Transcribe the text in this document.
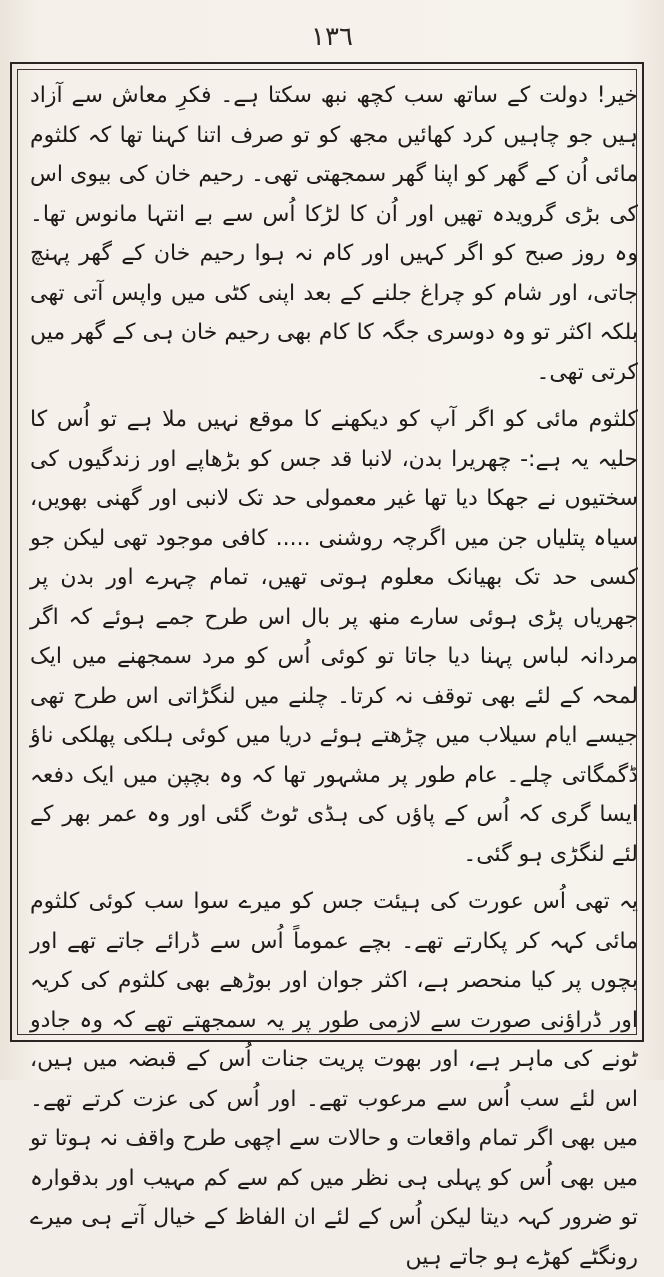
١٣٦

خیر! دولت کے ساتھ سب کچھ نبھ سکتا ہے۔ فکرِ معاش سے آزاد ہیں جو چاہیں کرد کھائیں مجھ کو تو صرف اتنا کہنا تھا کہ کلثوم مائی اُن کے گھر کو اپنا گھر سمجھتی تھی۔ رحیم خان کی بیوی اس کی بڑی گرویدہ تھیں اور اُن کا لڑکا اُس سے بے انتہا مانوس تھا۔ وہ روز صبح کو اگر کہیں اور کام نہ ہوا رحیم خان کے گھر پہنچ جاتی، اور شام کو چراغ جلنے کے بعد اپنی کٹی میں واپس آتی تھی بلکہ اکثر تو وہ دوسری جگہ کا کام بھی رحیم خان ہی کے گھر میں کرتی تھی۔

کلثوم مائی کو اگر آپ کو دیکھنے کا موقع نہیں ملا ہے تو اُس کا حلیہ یہ ہے:- چھریرا بدن، لانبا قد جس کو بڑھاپے اور زندگیوں کی سختیوں نے جھکا دیا تھا غیر معمولی حد تک لانبی اور گھنی بھویں، سیاہ پتلیاں جن میں اگرچہ روشنی ..... کافی موجود تھی لیکن جو کسی حد تک بھیانک معلوم ہوتی تھیں، تمام چہرے اور بدن پر جھریاں پڑی ہوئی سارے منھ پر بال اس طرح جمے ہوئے کہ اگر مردانہ لباس پہنا دیا جاتا تو کوئی اُس کو مرد سمجھنے میں ایک لمحہ کے لئے بھی توقف نہ کرتا۔ چلنے میں لنگڑاتی اس طرح تھی جیسے ایام سیلاب میں چڑھتے ہوئے دریا میں کوئی ہلکی پھلکی ناؤ ڈگمگاتی چلے۔ عام طور پر مشہور تھا کہ وہ بچپن میں ایک دفعہ ایسا گری کہ اُس کے پاؤں کی ہڈی ٹوٹ گئی اور وہ عمر بھر کے لئے لنگڑی ہو گئی۔

یہ تھی اُس عورت کی ہیئت جس کو میرے سوا سب کوئی کلثوم مائی کہہ کر پکارتے تھے۔ بچے عموماً اُس سے ڈرائے جاتے تھے اور بچوں پر کیا منحصر ہے، اکثر جوان اور بوڑھے بھی کلثوم کی کریہ اور ڈراؤنی صورت سے لازمی طور پر یہ سمجھتے تھے کہ وہ جادو ٹونے کی ماہر ہے، اور بھوت پریت جنات اُس کے قبضہ میں ہیں، اس لئے سب اُس سے مرعوب تھے۔ اور اُس کی عزت کرتے تھے۔ میں بھی اگر تمام واقعات و حالات سے اچھی طرح واقف نہ ہوتا تو میں بھی اُس کو پہلی ہی نظر میں کم سے کم مہیب اور بدقوارہ تو ضرور کہہ دیتا لیکن اُس کے لئے ان الفاظ کے خیال آتے ہی میرے رونگٹے کھڑے ہو جاتے ہیں
